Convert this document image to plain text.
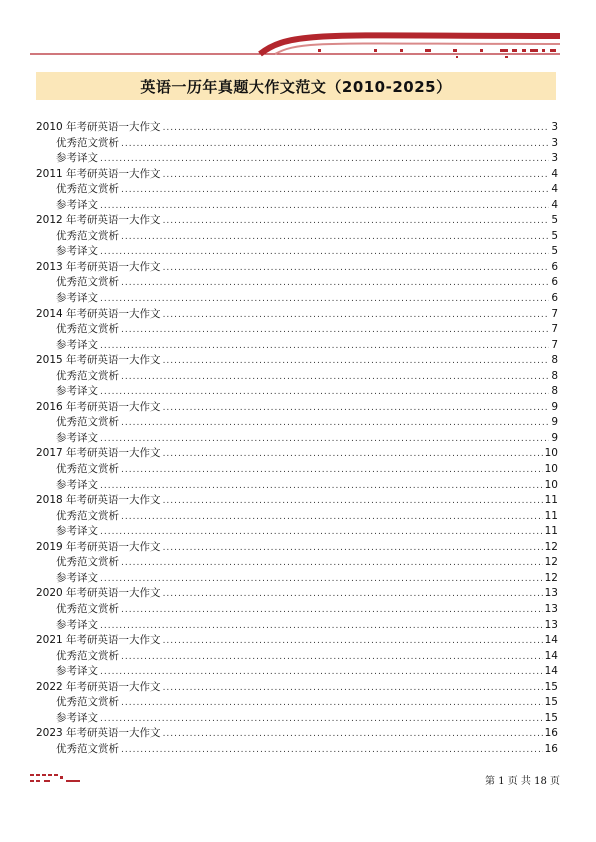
英语一历年真题大作文范文（2010-2025）
2010 年考研英语一大作文 .....	3
优秀范文赏析 .....	3
参考译文 .....	3
2011 年考研英语一大作文 .....	4
优秀范文赏析 .....	4
参考译文 .....	4
2012 年考研英语一大作文 .....	5
优秀范文赏析 .....	5
参考译文 .....	5
2013 年考研英语一大作文 .....	6
优秀范文赏析 .....	6
参考译文 .....	6
2014 年考研英语一大作文 .....	7
优秀范文赏析 .....	7
参考译文 .....	7
2015 年考研英语一大作文 .....	8
优秀范文赏析 .....	8
参考译文 .....	8
2016 年考研英语一大作文 .....	9
优秀范文赏析 .....	9
参考译文 .....	9
2017 年考研英语一大作文 .....	10
优秀范文赏析 .....	10
参考译文 .....	10
2018 年考研英语一大作文 .....	11
优秀范文赏析 .....	11
参考译文 .....	11
2019 年考研英语一大作文 .....	12
优秀范文赏析 .....	12
参考译文 .....	12
2020 年考研英语一大作文 .....	13
优秀范文赏析 .....	13
参考译文 .....	13
2021 年考研英语一大作文 .....	14
优秀范文赏析 .....	14
参考译文 .....	14
2022 年考研英语一大作文 .....	15
优秀范文赏析 .....	15
参考译文 .....	15
2023 年考研英语一大作文 .....	16
优秀范文赏析 .....	16
第 1 页 共 18 页
